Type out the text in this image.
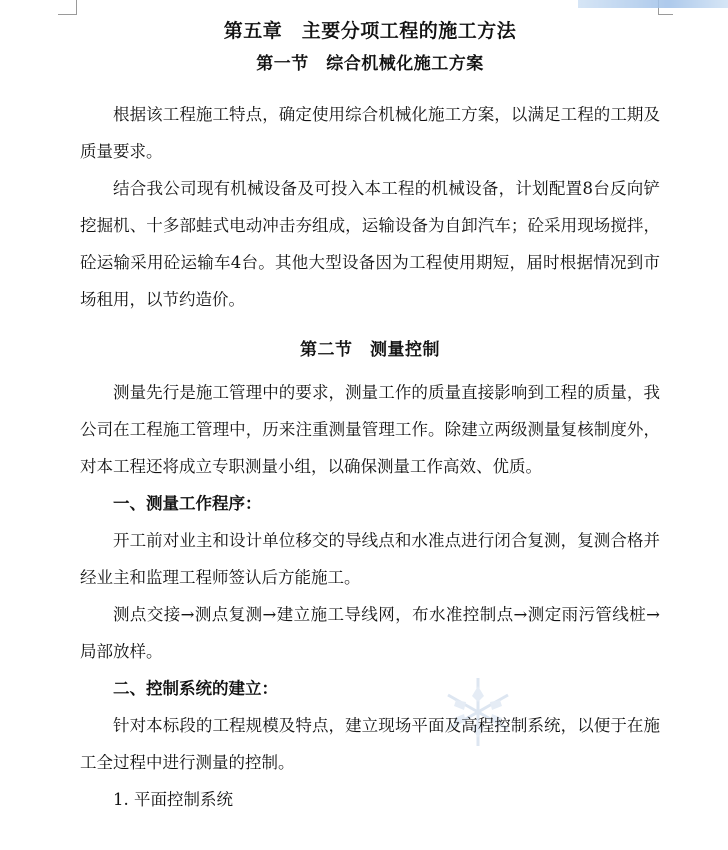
第五章　主要分项工程的施工方法
第一节　综合机械化施工方案

根据该工程施工特点，确定使用综合机械化施工方案，以满足工程的工期及质量要求。

结合我公司现有机械设备及可投入本工程的机械设备，计划配置8台反向铲挖掘机、十多部蛙式电动冲击夯组成，运输设备为自卸汽车；砼采用现场搅拌，砼运输采用砼运输车4台。其他大型设备因为工程使用期短，届时根据情况到市场租用，以节约造价。

第二节　测量控制

测量先行是施工管理中的要求，测量工作的质量直接影响到工程的质量，我公司在工程施工管理中，历来注重测量管理工作。除建立两级测量复核制度外，对本工程还将成立专职测量小组，以确保测量工作高效、优质。

一、测量工作程序：

开工前对业主和设计单位移交的导线点和水准点进行闭合复测，复测合格并经业主和监理工程师签认后方能施工。

测点交接→测点复测→建立施工导线网，布水准控制点→测定雨污管线桩→局部放样。

二、控制系统的建立：

针对本标段的工程规模及特点，建立现场平面及高程控制系统，以便于在施工全过程中进行测量的控制。

1. 平面控制系统
